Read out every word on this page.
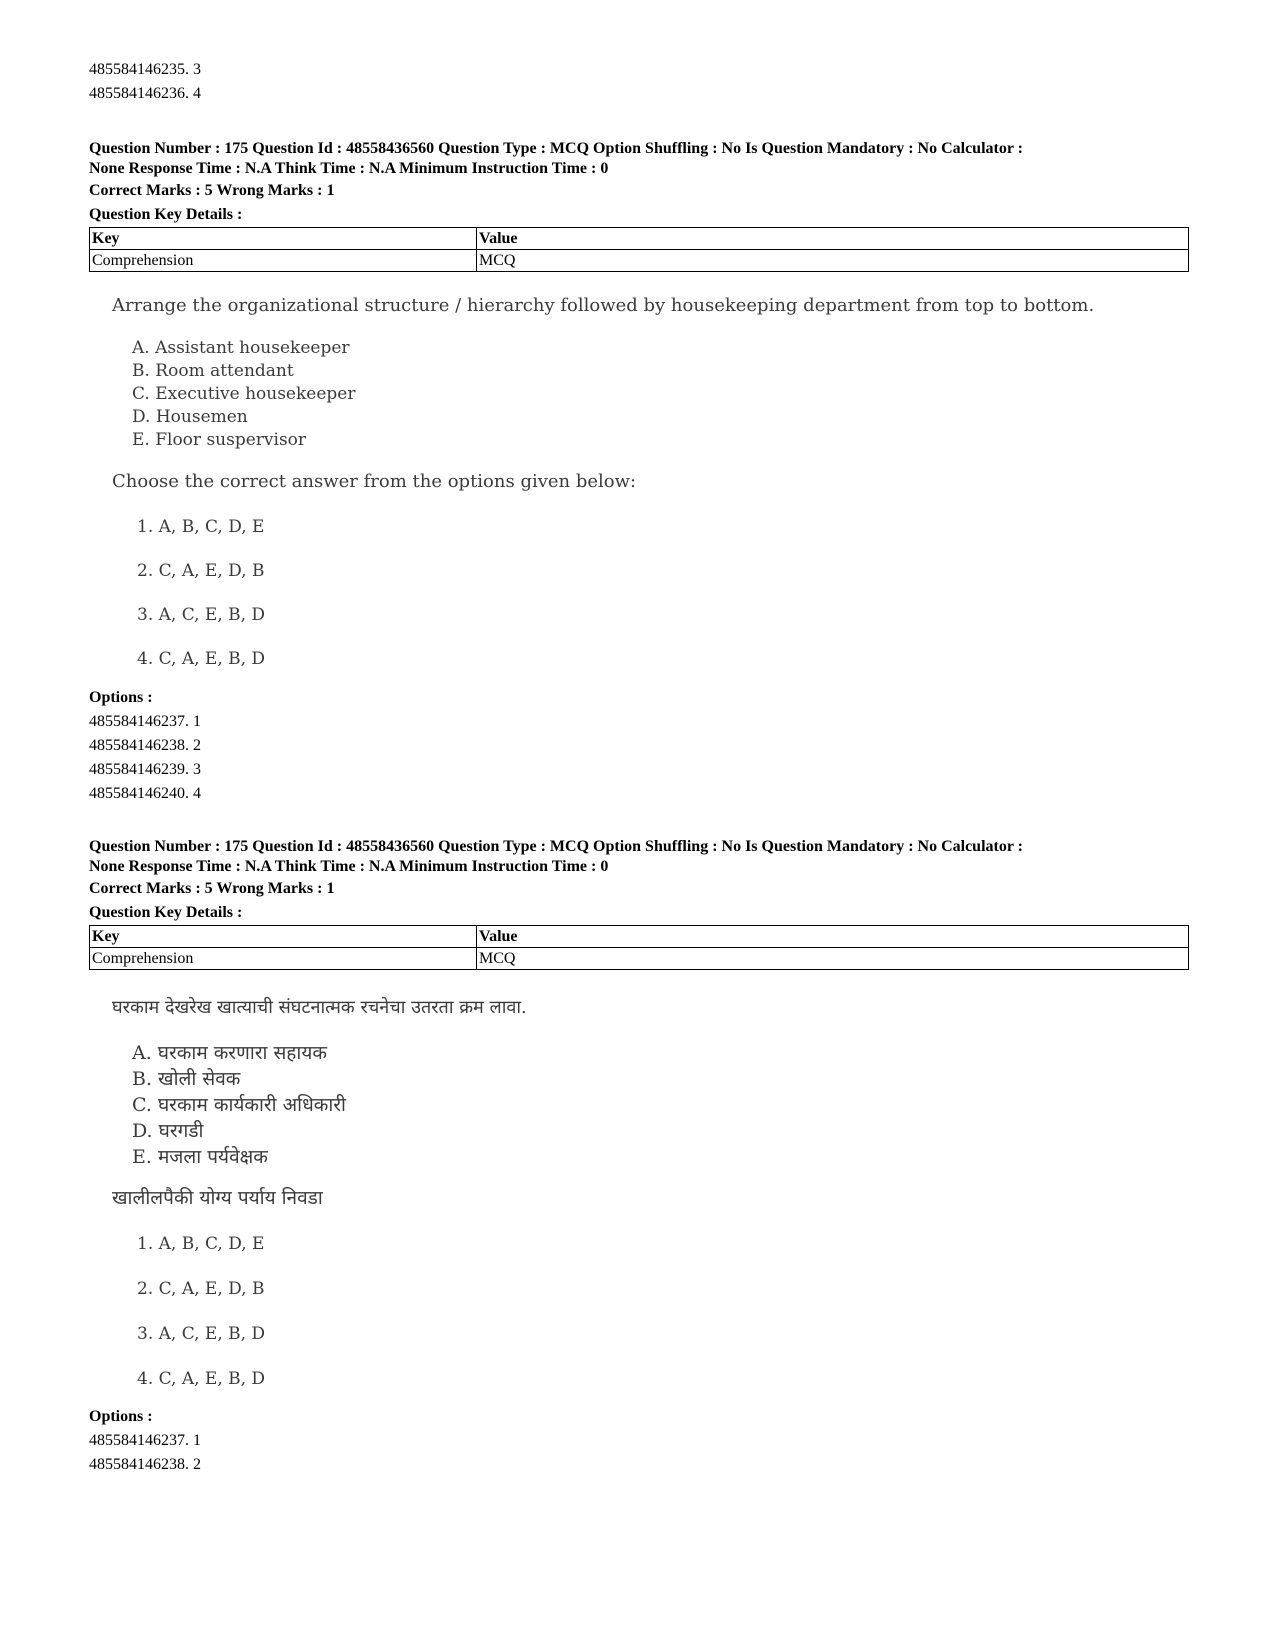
485584146235. 3
485584146236. 4
Question Number : 175 Question Id : 48558436560 Question Type : MCQ Option Shuffling : No Is Question Mandatory : No Calculator :
None Response Time : N.A Think Time : N.A Minimum Instruction Time : 0
Correct Marks : 5 Wrong Marks : 1
Question Key Details :
Key	Value
Comprehension	MCQ
Arrange the organizational structure / hierarchy followed by housekeeping department from top to bottom.
A. Assistant housekeeper
B. Room attendant
C. Executive housekeeper
D. Housemen
E. Floor suspervisor
Choose the correct answer from the options given below:
1. A, B, C, D, E
2. C, A, E, D, B
3. A, C, E, B, D
4. C, A, E, B, D
Options :
485584146237. 1
485584146238. 2
485584146239. 3
485584146240. 4
Question Number : 175 Question Id : 48558436560 Question Type : MCQ Option Shuffling : No Is Question Mandatory : No Calculator :
None Response Time : N.A Think Time : N.A Minimum Instruction Time : 0
Correct Marks : 5 Wrong Marks : 1
Question Key Details :
Key	Value
Comprehension	MCQ
घरकाम देखरेख खात्याची संघटनात्मक रचनेचा उतरता क्रम लावा.
A. घरकाम करणारा सहायक
B. खोली सेवक
C. घरकाम कार्यकारी अधिकारी
D. घरगडी
E. मजला पर्यवेक्षक
खालीलपैकी योग्य पर्याय निवडा
1. A, B, C, D, E
2. C, A, E, D, B
3. A, C, E, B, D
4. C, A, E, B, D
Options :
485584146237. 1
485584146238. 2
